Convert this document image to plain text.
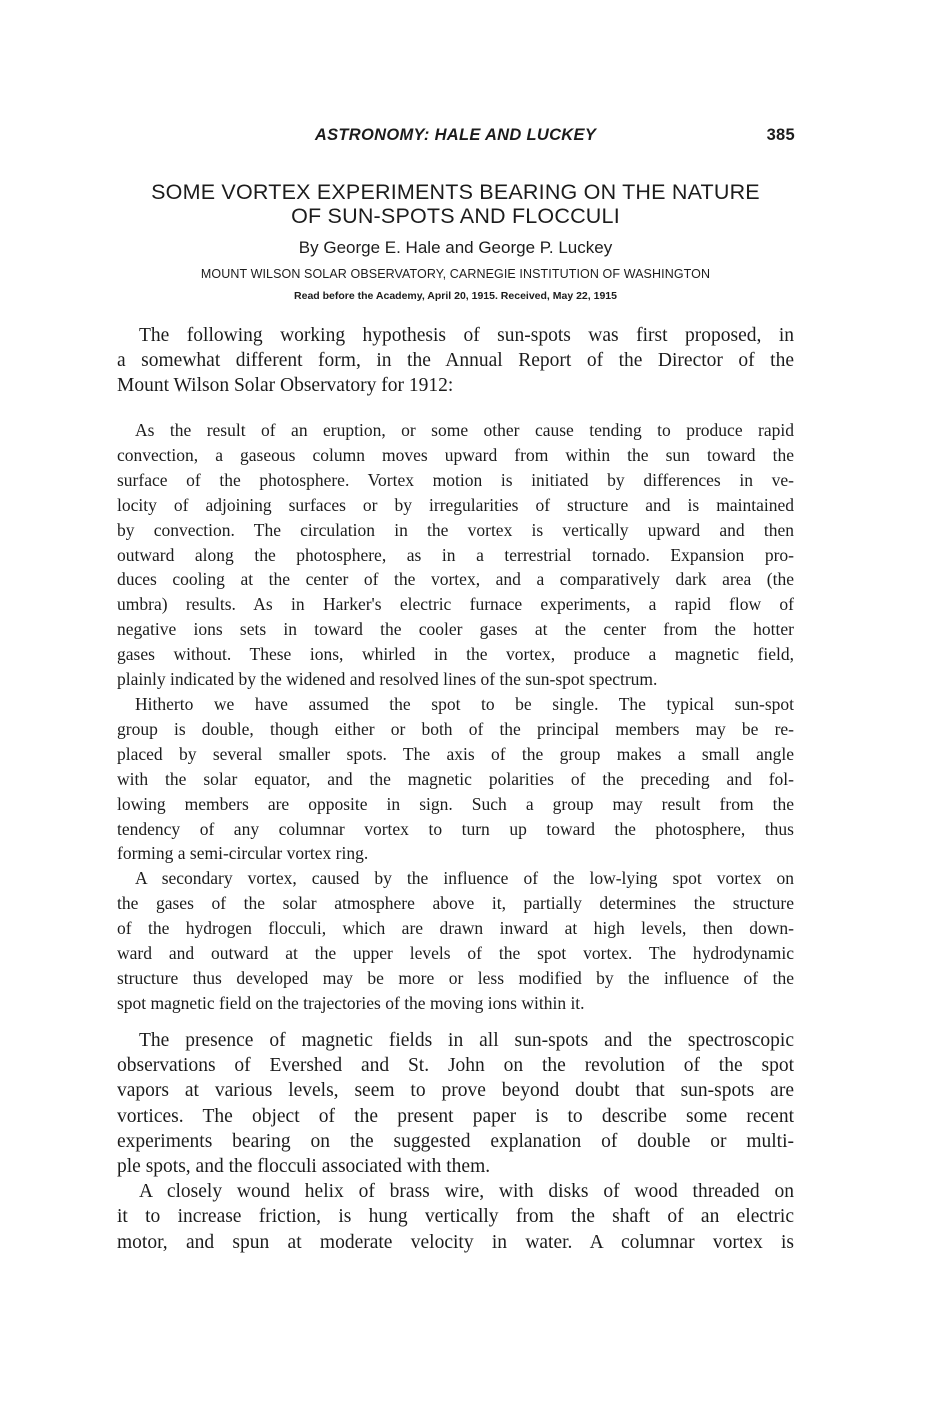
ASTRONOMY: HALE AND LUCKEY	385
SOME VORTEX EXPERIMENTS BEARING ON THE NATURE
OF SUN-SPOTS AND FLOCCULI
By George E. Hale and George P. Luckey
MOUNT WILSON SOLAR OBSERVATORY, CARNEGIE INSTITUTION OF WASHINGTON
Read before the Academy, April 20, 1915. Received, May 22, 1915
The following working hypothesis of sun-spots was first proposed, in
a somewhat different form, in the Annual Report of the Director of the
Mount Wilson Solar Observatory for 1912:
As the result of an eruption, or some other cause tending to produce rapid
convection, a gaseous column moves upward from within the sun toward the
surface of the photosphere. Vortex motion is initiated by differences in ve-
locity of adjoining surfaces or by irregularities of structure and is maintained
by convection. The circulation in the vortex is vertically upward and then
outward along the photosphere, as in a terrestrial tornado. Expansion pro-
duces cooling at the center of the vortex, and a comparatively dark area (the
umbra) results. As in Harker's electric furnace experiments, a rapid flow of
negative ions sets in toward the cooler gases at the center from the hotter
gases without. These ions, whirled in the vortex, produce a magnetic field,
plainly indicated by the widened and resolved lines of the sun-spot spectrum.
Hitherto we have assumed the spot to be single. The typical sun-spot
group is double, though either or both of the principal members may be re-
placed by several smaller spots. The axis of the group makes a small angle
with the solar equator, and the magnetic polarities of the preceding and fol-
lowing members are opposite in sign. Such a group may result from the
tendency of any columnar vortex to turn up toward the photosphere, thus
forming a semi-circular vortex ring.
A secondary vortex, caused by the influence of the low-lying spot vortex on
the gases of the solar atmosphere above it, partially determines the structure
of the hydrogen flocculi, which are drawn inward at high levels, then down-
ward and outward at the upper levels of the spot vortex. The hydrodynamic
structure thus developed may be more or less modified by the influence of the
spot magnetic field on the trajectories of the moving ions within it.
The presence of magnetic fields in all sun-spots and the spectroscopic
observations of Evershed and St. John on the revolution of the spot
vapors at various levels, seem to prove beyond doubt that sun-spots are
vortices. The object of the present paper is to describe some recent
experiments bearing on the suggested explanation of double or multi-
ple spots, and the flocculi associated with them.
A closely wound helix of brass wire, with disks of wood threaded on
it to increase friction, is hung vertically from the shaft of an electric
motor, and spun at moderate velocity in water. A columnar vortex is
